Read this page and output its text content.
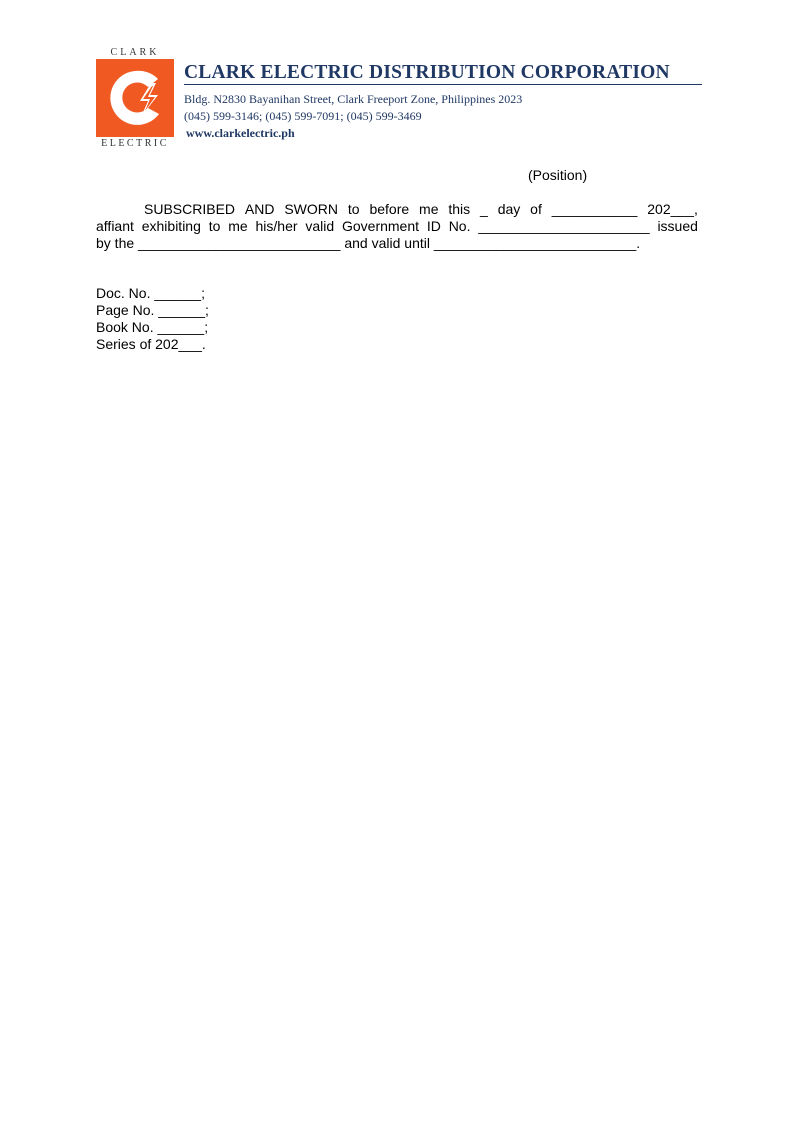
CLARK
ELECTRIC
CLARK ELECTRIC DISTRIBUTION CORPORATION
Bldg. N2830 Bayanihan Street, Clark Freeport Zone, Philippines 2023
(045) 599-3146; (045) 599-7091; (045) 599-3469
www.clarkelectric.ph
(Position)
SUBSCRIBED AND SWORN to before me this _ day of ___________ 202___,
affiant exhibiting to me his/her valid Government ID No. ______________________ issued
by the __________________________ and valid until __________________________.
Doc. No. ______;
Page No. ______;
Book No. ______;
Series of 202___.
